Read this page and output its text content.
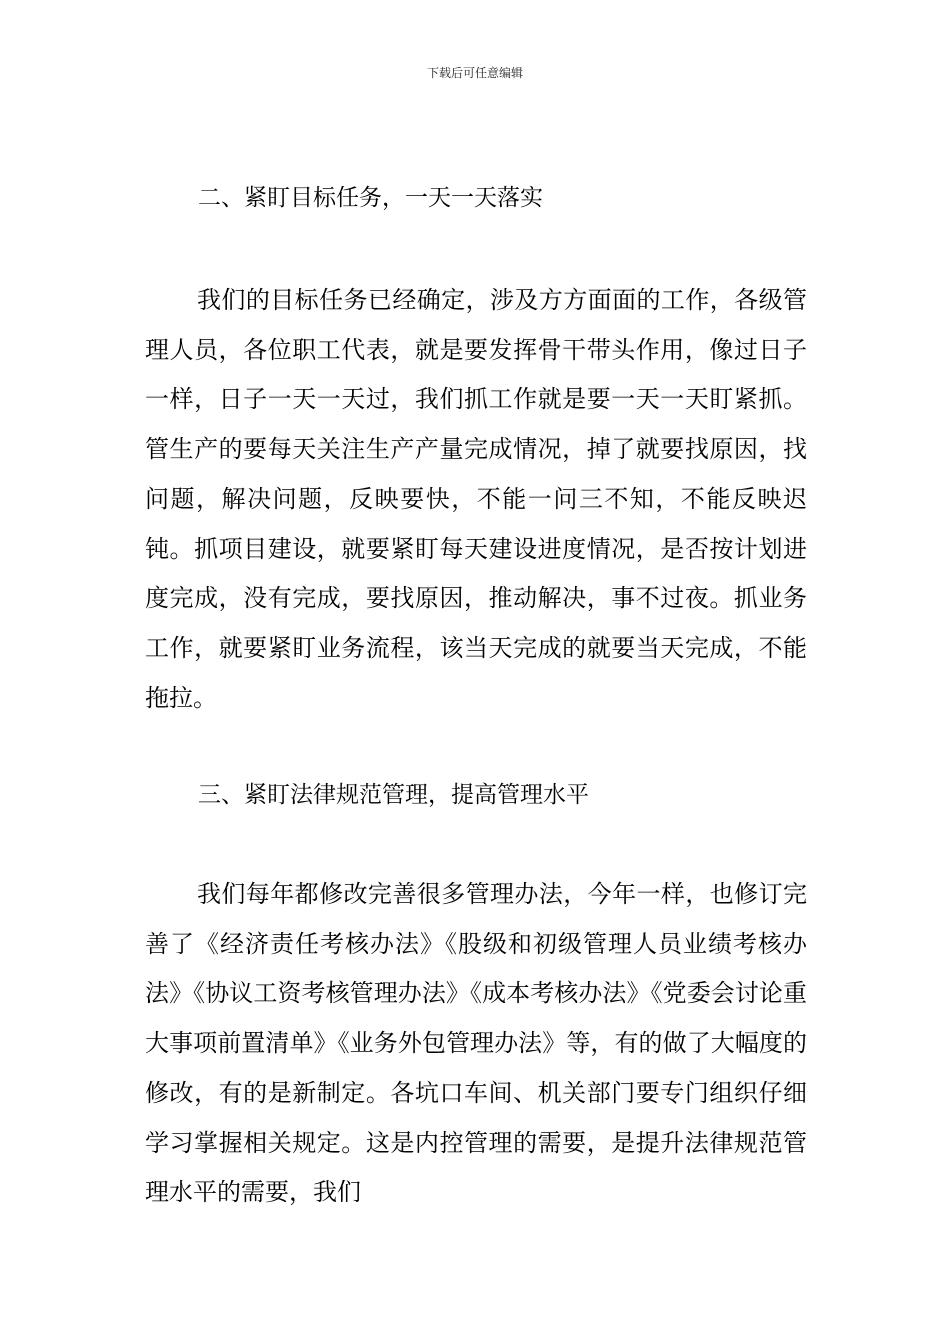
下载后可任意编辑
二、紧盯目标任务，一天一天落实
我们的目标任务已经确定，涉及方方面面的工作，各级管理人员，各位职工代表，就是要发挥骨干带头作用，像过日子一样，日子一天一天过，我们抓工作就是要一天一天盯紧抓。管生产的要每天关注生产产量完成情况，掉了就要找原因，找问题，解决问题，反映要快，不能一问三不知，不能反映迟钝。抓项目建设，就要紧盯每天建设进度情况，是否按计划进度完成，没有完成，要找原因，推动解决，事不过夜。抓业务工作，就要紧盯业务流程，该当天完成的就要当天完成，不能拖拉。
三、紧盯法律规范管理，提高管理水平
我们每年都修改完善很多管理办法，今年一样，也修订完善了《经济责任考核办法》《股级和初级管理人员业绩考核办法》《协议工资考核管理办法》《成本考核办法》《党委会讨论重大事项前置清单》《业务外包管理办法》等，有的做了大幅度的修改，有的是新制定。各坑口车间、机关部门要专门组织仔细学习掌握相关规定。这是内控管理的需要，是提升法律规范管理水平的需要，我们
